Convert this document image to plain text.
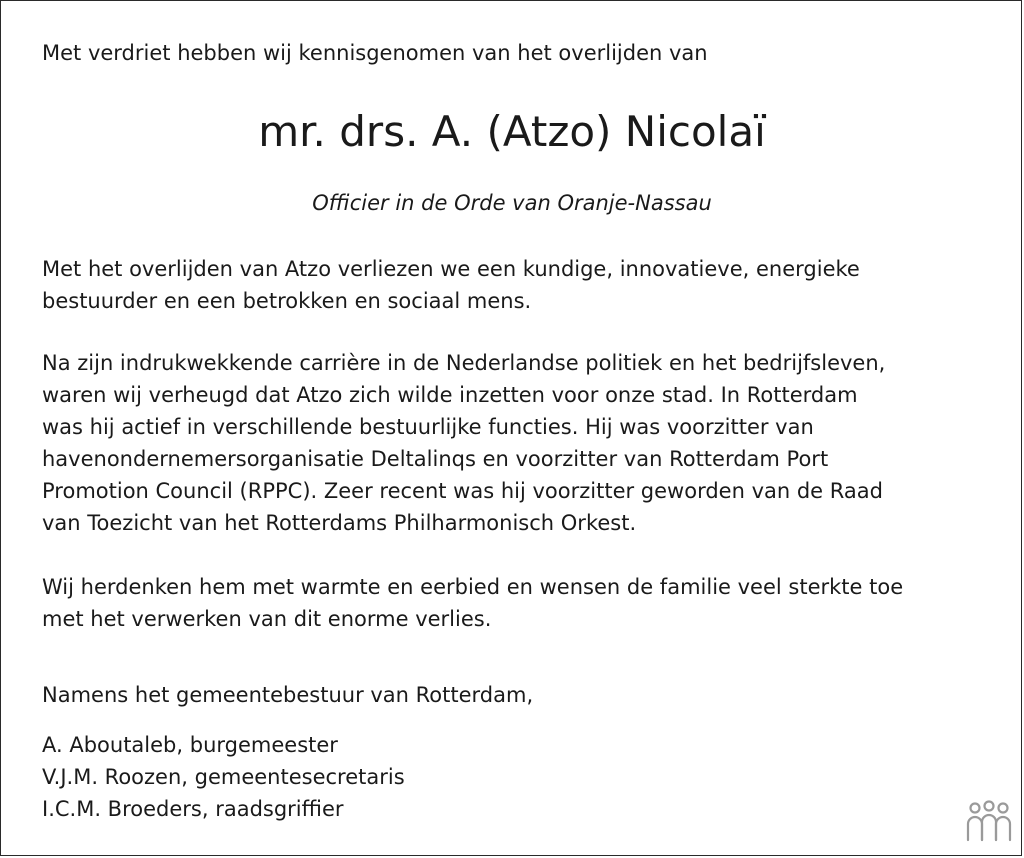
Met verdriet hebben wij kennisgenomen van het overlijden van
mr. drs. A. (Atzo) Nicolaï
Officier in de Orde van Oranje-Nassau
Met het overlijden van Atzo verliezen we een kundige, innovatieve, energieke
bestuurder en een betrokken en sociaal mens.
Na zijn indrukwekkende carrière in de Nederlandse politiek en het bedrijfsleven,
waren wij verheugd dat Atzo zich wilde inzetten voor onze stad. In Rotterdam
was hij actief in verschillende bestuurlijke functies. Hij was voorzitter van
havenondernemersorganisatie Deltalinqs en voorzitter van Rotterdam Port
Promotion Council (RPPC). Zeer recent was hij voorzitter geworden van de Raad
van Toezicht van het Rotterdams Philharmonisch Orkest.
Wij herdenken hem met warmte en eerbied en wensen de familie veel sterkte toe
met het verwerken van dit enorme verlies.
Namens het gemeentebestuur van Rotterdam,
A. Aboutaleb, burgemeester
V.J.M. Roozen, gemeentesecretaris
I.C.M. Broeders, raadsgriffier
